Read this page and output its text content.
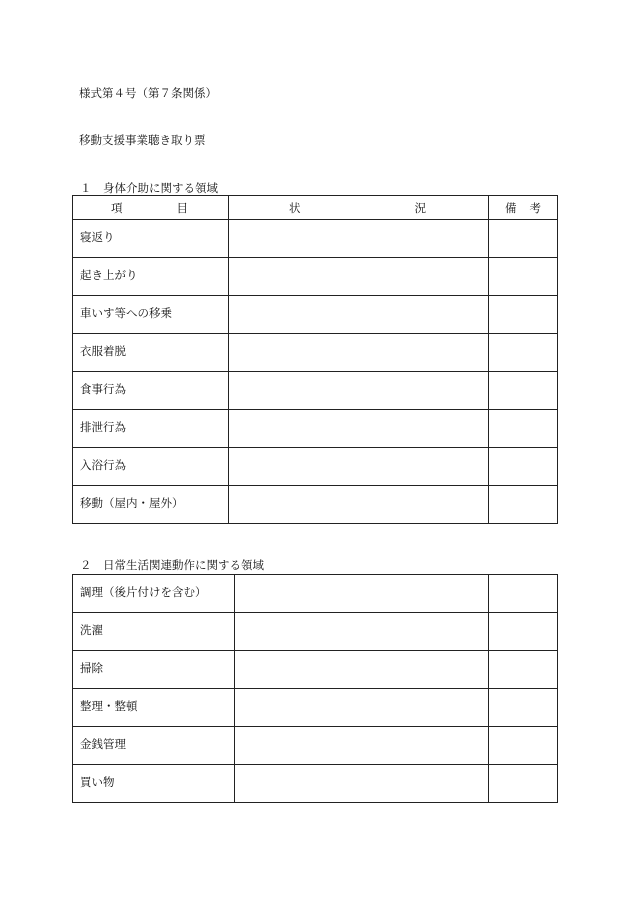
様式第４号（第７条関係）
移動支援事業聴き取り票
１　身体介助に関する領域
項 目	状 況	備 考

寝返り		

起き上がり		

車いす等への移乗		

衣服着脱		

食事行為		

排泄行為		

入浴行為		

移動（屋内・屋外）		

２　日常生活関連動作に関する領域
調理（後片付けを含む）		

洗濯		

掃除		

整理・整頓		

金銭管理		

買い物		
